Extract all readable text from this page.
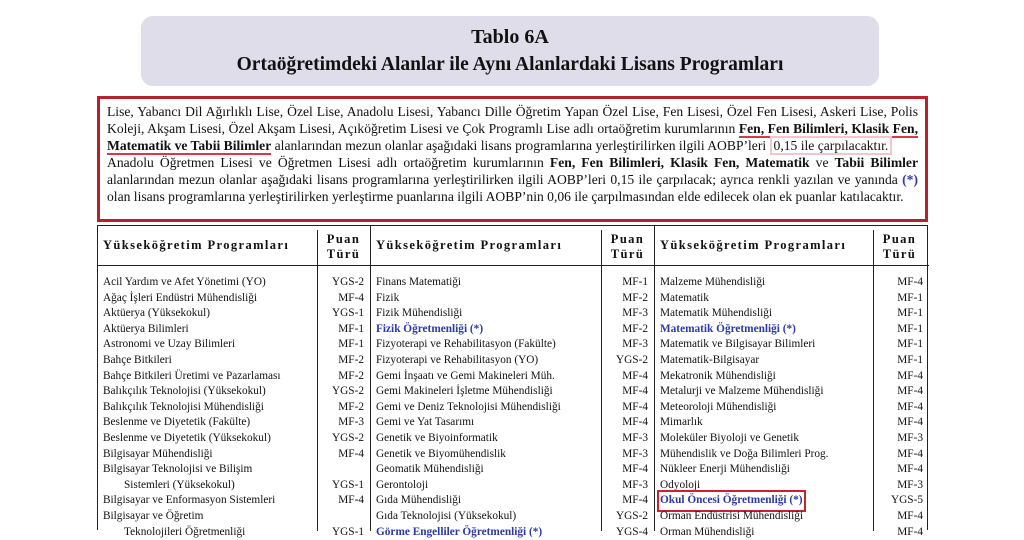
Tablo 6A
Ortaöğretimdeki Alanlar ile Aynı Alanlardaki Lisans Programları

Lise, Yabancı Dil Ağırlıklı Lise, Özel Lise, Anadolu Lisesi, Yabancı Dille Öğretim Yapan Özel Lise, Fen Lisesi, Özel Fen Lisesi, Askeri Lise, Polis Koleji, Akşam Lisesi, Özel Akşam Lisesi, Açıköğretim Lisesi ve Çok Programlı Lise adlı ortaöğretim kurumlarının Fen, Fen Bilimleri, Klasik Fen, Matematik ve Tabii Bilimler alanlarından mezun olanlar aşağıdaki lisans programlarına yerleştirilirken ilgili AOBP’leri 0,15 ile çarpılacaktır.

Anadolu Öğretmen Lisesi ve Öğretmen Lisesi adlı ortaöğretim kurumlarının Fen, Fen Bilimleri, Klasik Fen, Matematik ve Tabii Bilimler alanlarından mezun olanlar aşağıdaki lisans programlarına yerleştirilirken ilgili AOBP’leri 0,15 ile çarpılacak; ayrıca renkli yazılan ve yanında (*) olan lisans programlarına yerleştirilirken yerleştirme puanlarına ilgili AOBP’nin 0,06 ile çarpılmasından elde edilecek olan ek puanlar katılacaktır.

Yükseköğretim Programları	Puan
Türü
Acil Yardım ve Afet Yönetimi (YO)	YGS-2
Ağaç İşleri Endüstri Mühendisliği	MF-4
Aktüerya (Yüksekokul)	YGS-1
Aktüerya Bilimleri	MF-1
Astronomi ve Uzay Bilimleri	MF-1
Bahçe Bitkileri	MF-2
Bahçe Bitkileri Üretimi ve Pazarlaması	MF-2
Balıkçılık Teknolojisi (Yüksekokul)	YGS-2
Balıkçılık Teknolojisi Mühendisliği	MF-2
Beslenme ve Diyetetik (Fakülte)	MF-3
Beslenme ve Diyetetik (Yüksekokul)	YGS-2
Bilgisayar Mühendisliği	MF-4
Bilgisayar Teknolojisi ve Bilişim
Sistemleri (Yüksekokul)	YGS-1
Bilgisayar ve Enformasyon Sistemleri	MF-4
Bilgisayar ve Öğretim
Teknolojileri Öğretmenliği	YGS-1
Yükseköğretim Programları	Puan
Türü
Finans Matematiği	MF-1
Fizik	MF-2
Fizik Mühendisliği	MF-3
Fizik Öğretmenliği (*)	MF-2
Fizyoterapi ve Rehabilitasyon (Fakülte)	MF-3
Fizyoterapi ve Rehabilitasyon (YO)	YGS-2
Gemi İnşaatı ve Gemi Makineleri Müh.	MF-4
Gemi Makineleri İşletme Mühendisliği	MF-4
Gemi ve Deniz Teknolojisi Mühendisliği	MF-4
Gemi ve Yat Tasarımı	MF-4
Genetik ve Biyoinformatik	MF-3
Genetik ve Biyomühendislik	MF-3
Geomatik Mühendisliği	MF-4
Gerontoloji	MF-3
Gıda Mühendisliği	MF-4
Gıda Teknolojisi (Yüksekokul)	YGS-2
Görme Engelliler Öğretmenliği (*)	YGS-4
Yükseköğretim Programları	Puan
Türü
Malzeme Mühendisliği	MF-4
Matematik	MF-1
Matematik Mühendisliği	MF-1
Matematik Öğretmenliği (*)	MF-1
Matematik ve Bilgisayar Bilimleri	MF-1
Matematik-Bilgisayar	MF-1
Mekatronik Mühendisliği	MF-4
Metalurji ve Malzeme Mühendisliği	MF-4
Meteoroloji Mühendisliği	MF-4
Mimarlık	MF-4
Moleküler Biyoloji ve Genetik	MF-3
Mühendislik ve Doğa Bilimleri Prog.	MF-4
Nükleer Enerji Mühendisliği	MF-4
Odyoloji	MF-3
Okul Öncesi Öğretmenliği (*)	YGS-5
Orman Endüstrisi Mühendisliği	MF-4
Orman Mühendisliği	MF-4
